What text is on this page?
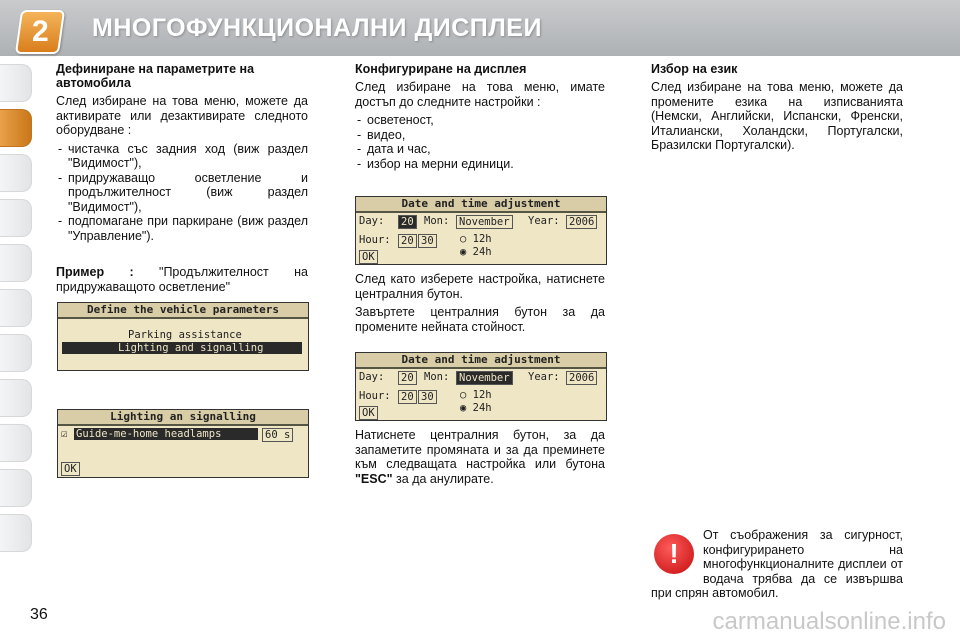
2 МНОГОФУНКЦИОНАЛНИ ДИСПЛЕИ
Дефиниране на параметрите на автомобила

След избиране на това меню, можете да активирате или дезактивирате следното оборудване :

- чистачка със задния ход (виж раздел "Видимост"),
- придружаващо осветление и продължителност (виж раздел "Видимост"),
- подпомагане при паркиране (виж раздел "Управление").

Пример : "Продължителност на придружаващото осветление"

Define the vehicle parameters
Parking assistance
Lighting and signalling
Lighting an signalling
☑ Guide-me-home headlamps	60 s
OK
Конфигуриране на дисплея

След избиране на това меню, имате достъп до следните настройки :

- осветеност,
- видео,
- дата и час,
- избор на мерни единици.
Date and time adjustment
Day: 20 Mon: November Year: 2006
Hour: 20 30	○ 12h
◉ 24h
OK

След като изберете настройка, натиснете централния бутон.

Завъртете централния бутон за да промените нейната стойност.

Date and time adjustment
Day: 20 Mon: November Year: 2006
Hour: 20 30	○ 12h
◉ 24h
OK

Натиснете централния бутон, за да запаметите промяната и за да преминете към следващата настройка или бутона "ESC" за да анулирате.

Избор на език

След избиране на това меню, можете да промените езика на изписванията (Немски, Английски, Испански, Френски, Италиански, Холандски, Португалски, Бразилски Португалски).

!
От съображения за сигурност, конфигурирането на многофункционалните дисплеи от водача трябва да се извършва при спрян автомобил.
36	carmanualsonline.info
